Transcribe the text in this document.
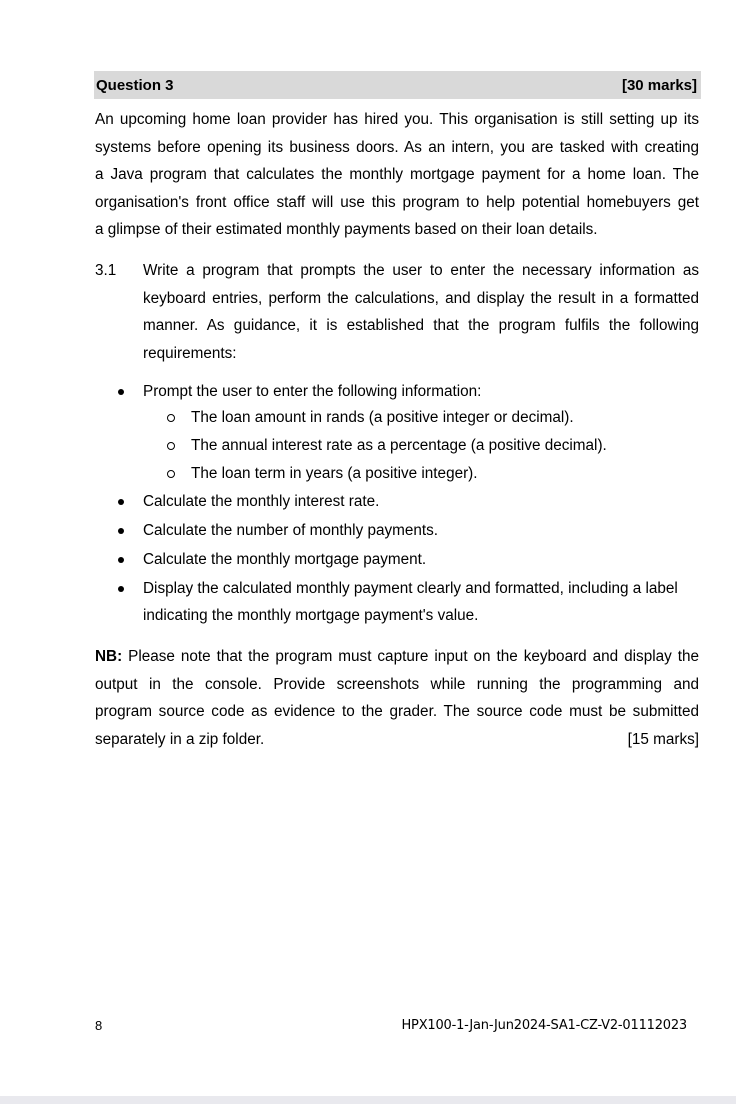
Question 3	[30 marks]
An upcoming home loan provider has hired you. This organisation is still setting up its
systems before opening its business doors. As an intern, you are tasked with creating
a Java program that calculates the monthly mortgage payment for a home loan. The
organisation's front office staff will use this program to help potential homebuyers get
a glimpse of their estimated monthly payments based on their loan details.
3.1 Write a program that prompts the user to enter the necessary information as
keyboard entries, perform the calculations, and display the result in a formatted
manner. As guidance, it is established that the program fulfils the following
requirements:
Prompt the user to enter the following information:
The loan amount in rands (a positive integer or decimal).
The annual interest rate as a percentage (a positive decimal).
The loan term in years (a positive integer).
Calculate the monthly interest rate.
Calculate the number of monthly payments.
Calculate the monthly mortgage payment.
Display the calculated monthly payment clearly and formatted, including a label
indicating the monthly mortgage payment's value.
NB: Please note that the program must capture input on the keyboard and display the
output in the console. Provide screenshots while running the programming and
program source code as evidence to the grader. The source code must be submitted
separately in a zip folder.	[15 marks]
8	HPX100-1-Jan-Jun2024-SA1-CZ-V2-01112023
